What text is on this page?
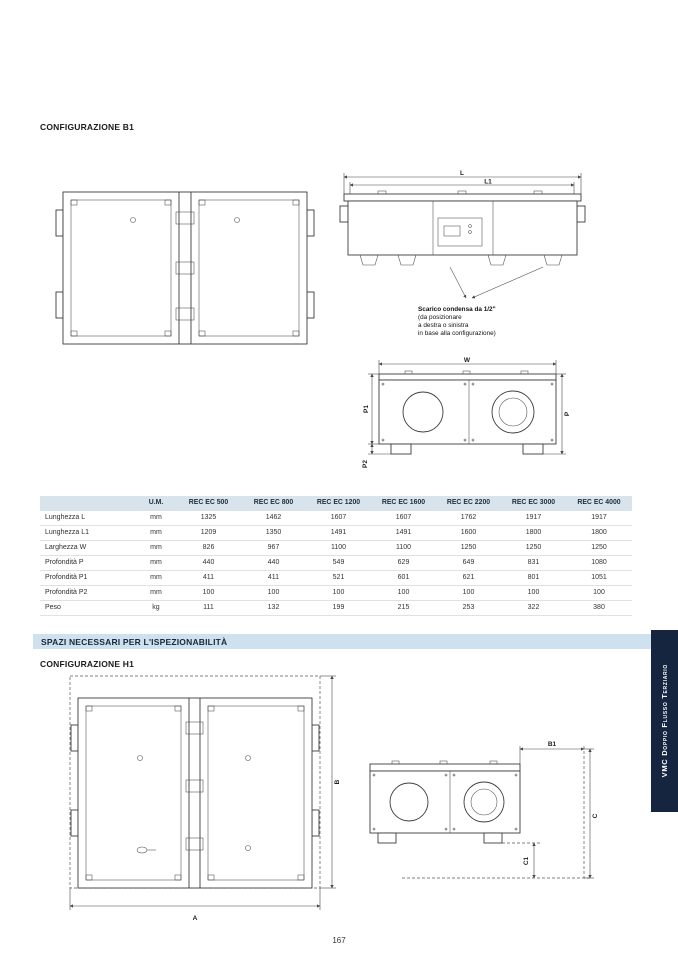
CONFIGURAZIONE B1
L
L1
Scarico condensa da 1/2"
(da posizionare
a destra o sinistra
in base alla configurazione)
W
P1
P2
P
	U.M.	REC EC 500	REC EC 800	REC EC 1200	REC EC 1600	REC EC 2200	REC EC 3000	REC EC 4000
Lunghezza L	mm	1325	1462	1607	1607	1762	1917	1917
Lunghezza L1	mm	1209	1350	1491	1491	1600	1800	1800
Larghezza W	mm	826	967	1100	1100	1250	1250	1250
Profondità P	mm	440	440	549	629	649	831	1080
Profondità P1	mm	411	411	521	601	621	801	1051
Profondità P2	mm	100	100	100	100	100	100	100
Peso	kg	111	132	199	215	253	322	380
SPAZI NECESSARI PER L'ISPEZIONABILITÀ
CONFIGURAZIONE H1
B
A
B1
C
C1
VMC Doppio Flusso Terziario
167
